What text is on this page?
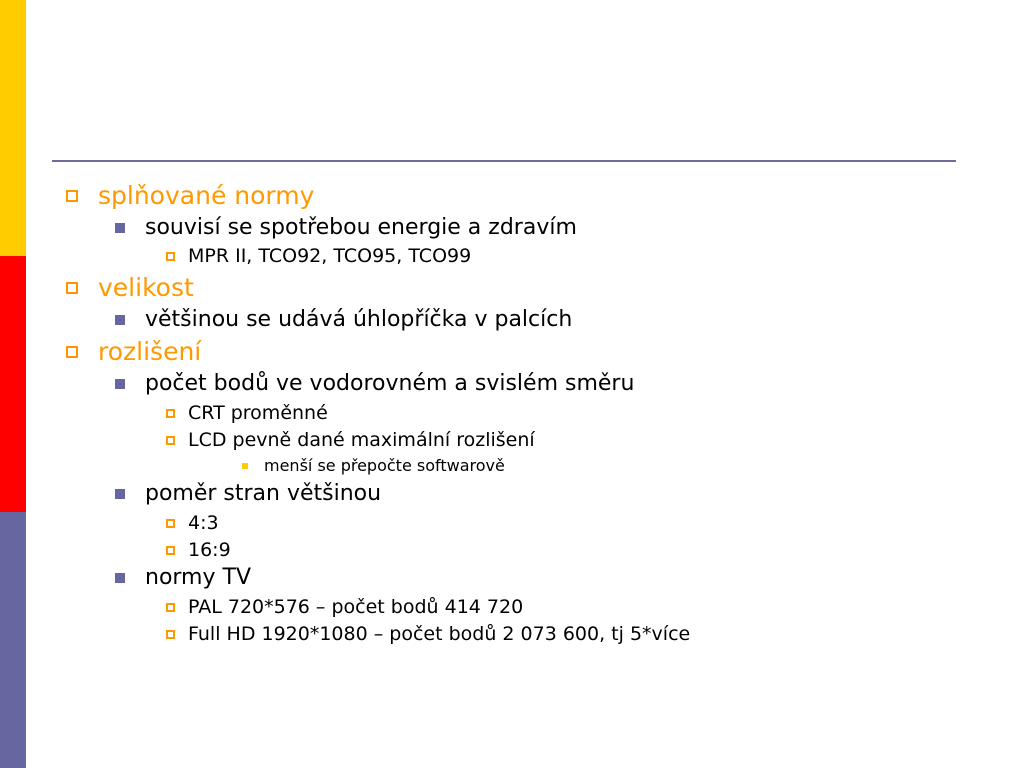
splňované normy
souvisí se spotřebou energie a zdravím
MPR II, TCO92, TCO95, TCO99
velikost
většinou se udává úhlopříčka v palcích
rozlišení
počet bodů ve vodorovném a svislém směru
CRT proměnné
LCD pevně dané maximální rozlišení
menší se přepočte softwarově
poměr stran většinou
4:3
16:9
normy TV
PAL 720*576 – počet bodů 414 720
Full HD 1920*1080 – počet bodů 2 073 600, tj 5*více
